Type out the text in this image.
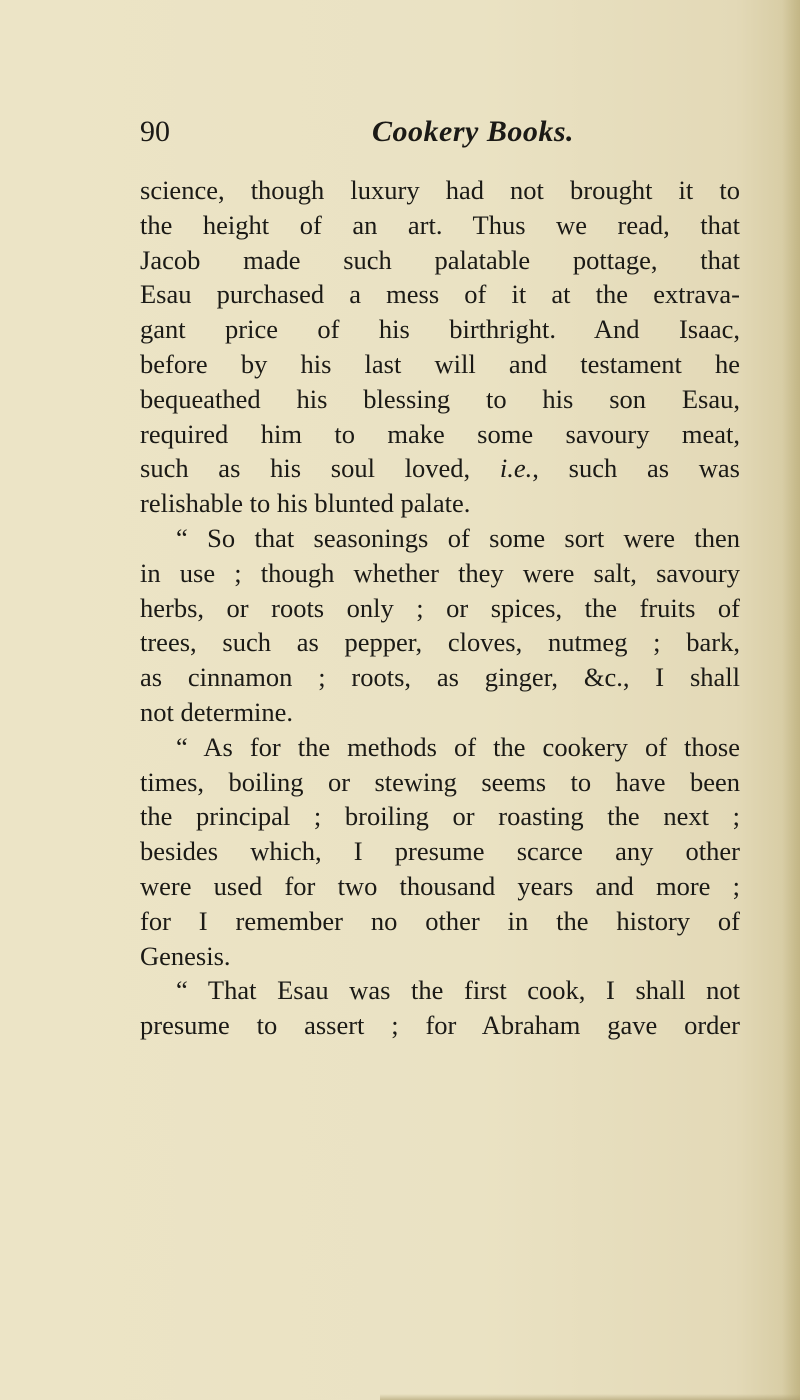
90	Cookery Books.
science, though luxury had not brought it to
the height of an art. Thus we read, that
Jacob made such palatable pottage, that
Esau purchased a mess of it at the extrava-
gant price of his birthright. And Isaac,
before by his last will and testament he
bequeathed his blessing to his son Esau,
required him to make some savoury meat,
such as his soul loved, i.e., such as was
relishable to his blunted palate.
“ So that seasonings of some sort were then
in use ; though whether they were salt, savoury
herbs, or roots only ; or spices, the fruits of
trees, such as pepper, cloves, nutmeg ; bark,
as cinnamon ; roots, as ginger, &c., I shall
not determine.
“ As for the methods of the cookery of those
times, boiling or stewing seems to have been
the principal ; broiling or roasting the next ;
besides which, I presume scarce any other
were used for two thousand years and more ;
for I remember no other in the history of
Genesis.
“ That Esau was the first cook, I shall not
presume to assert ; for Abraham gave order
